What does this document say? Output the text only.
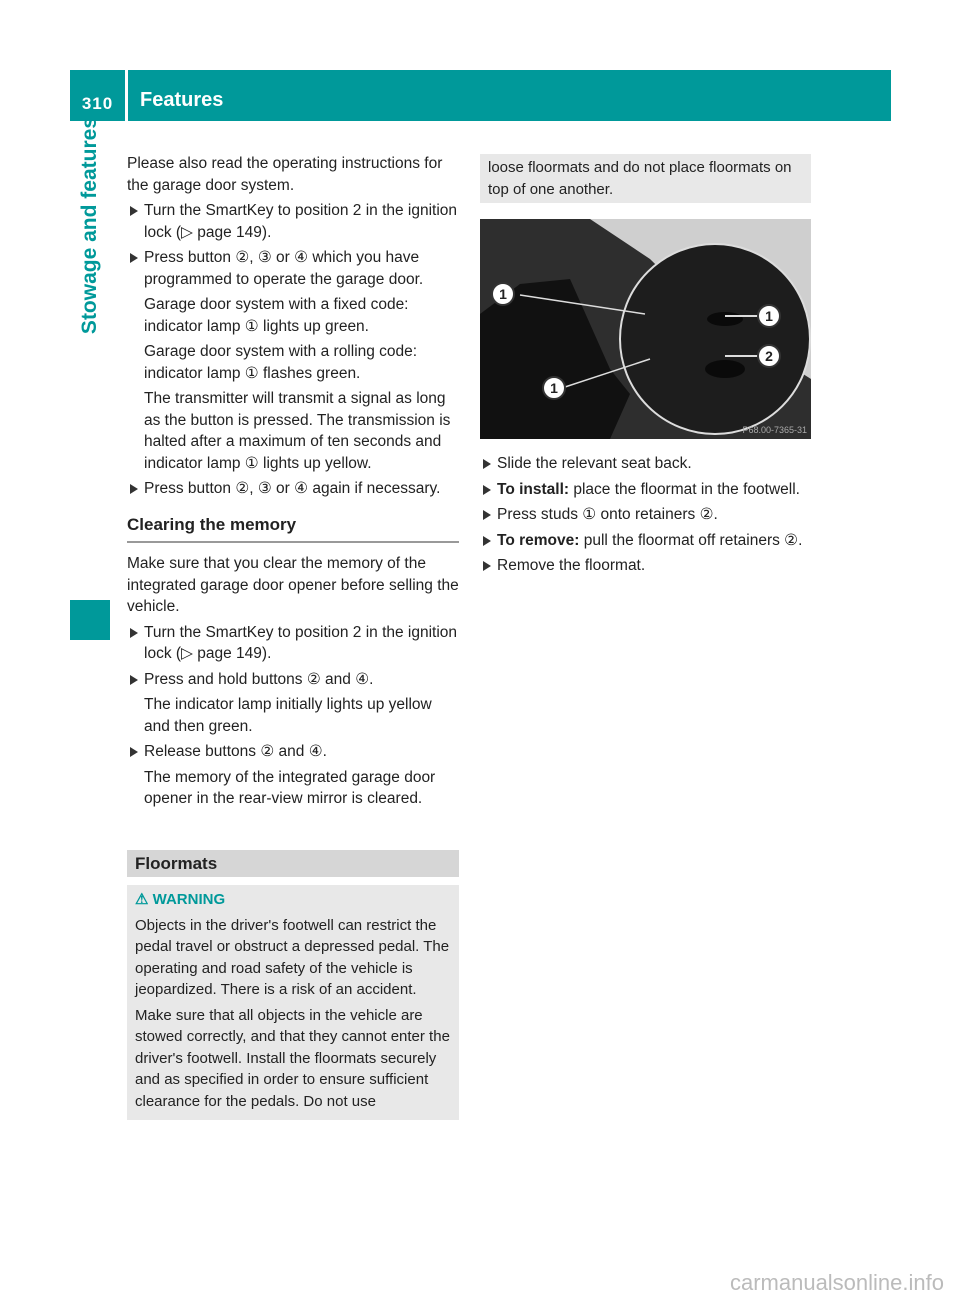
310	Features
Stowage and features Please also read the operating instructions for the garage door system.

Turn the SmartKey to position 2 in the ignition lock (▷ page 149).
Press button ②, ③ or ④ which you have programmed to operate the garage door.
Garage door system with a fixed code: indicator lamp ① lights up green.
Garage door system with a rolling code: indicator lamp ① flashes green.
The transmitter will transmit a signal as long as the button is pressed. The transmission is halted after a maximum of ten seconds and indicator lamp ① lights up yellow.
Press button ②, ③ or ④ again if necessary.
Clearing the memory

Make sure that you clear the memory of the integrated garage door opener before selling the vehicle.

Turn the SmartKey to position 2 in the ignition lock (▷ page 149).
Press and hold buttons ② and ④.
The indicator lamp initially lights up yellow and then green.
Release buttons ② and ④.
The memory of the integrated garage door opener in the rear-view mirror is cleared.
Floormats
⚠ WARNING

Objects in the driver's footwell can restrict the pedal travel or obstruct a depressed pedal. The operating and road safety of the vehicle is jeopardized. There is a risk of an accident.

Make sure that all objects in the vehicle are stowed correctly, and that they cannot enter the driver's footwell. Install the floormats securely and as specified in order to ensure sufficient clearance for the pedals. Do not use

loose floormats and do not place floormats on top of one another.
1
1
1
2
P68.00-7365-31
Slide the relevant seat back.
To install: place the floormat in the footwell.
Press studs ① onto retainers ②.
To remove: pull the floormat off retainers ②.
Remove the floormat.
carmanualsonline.info
